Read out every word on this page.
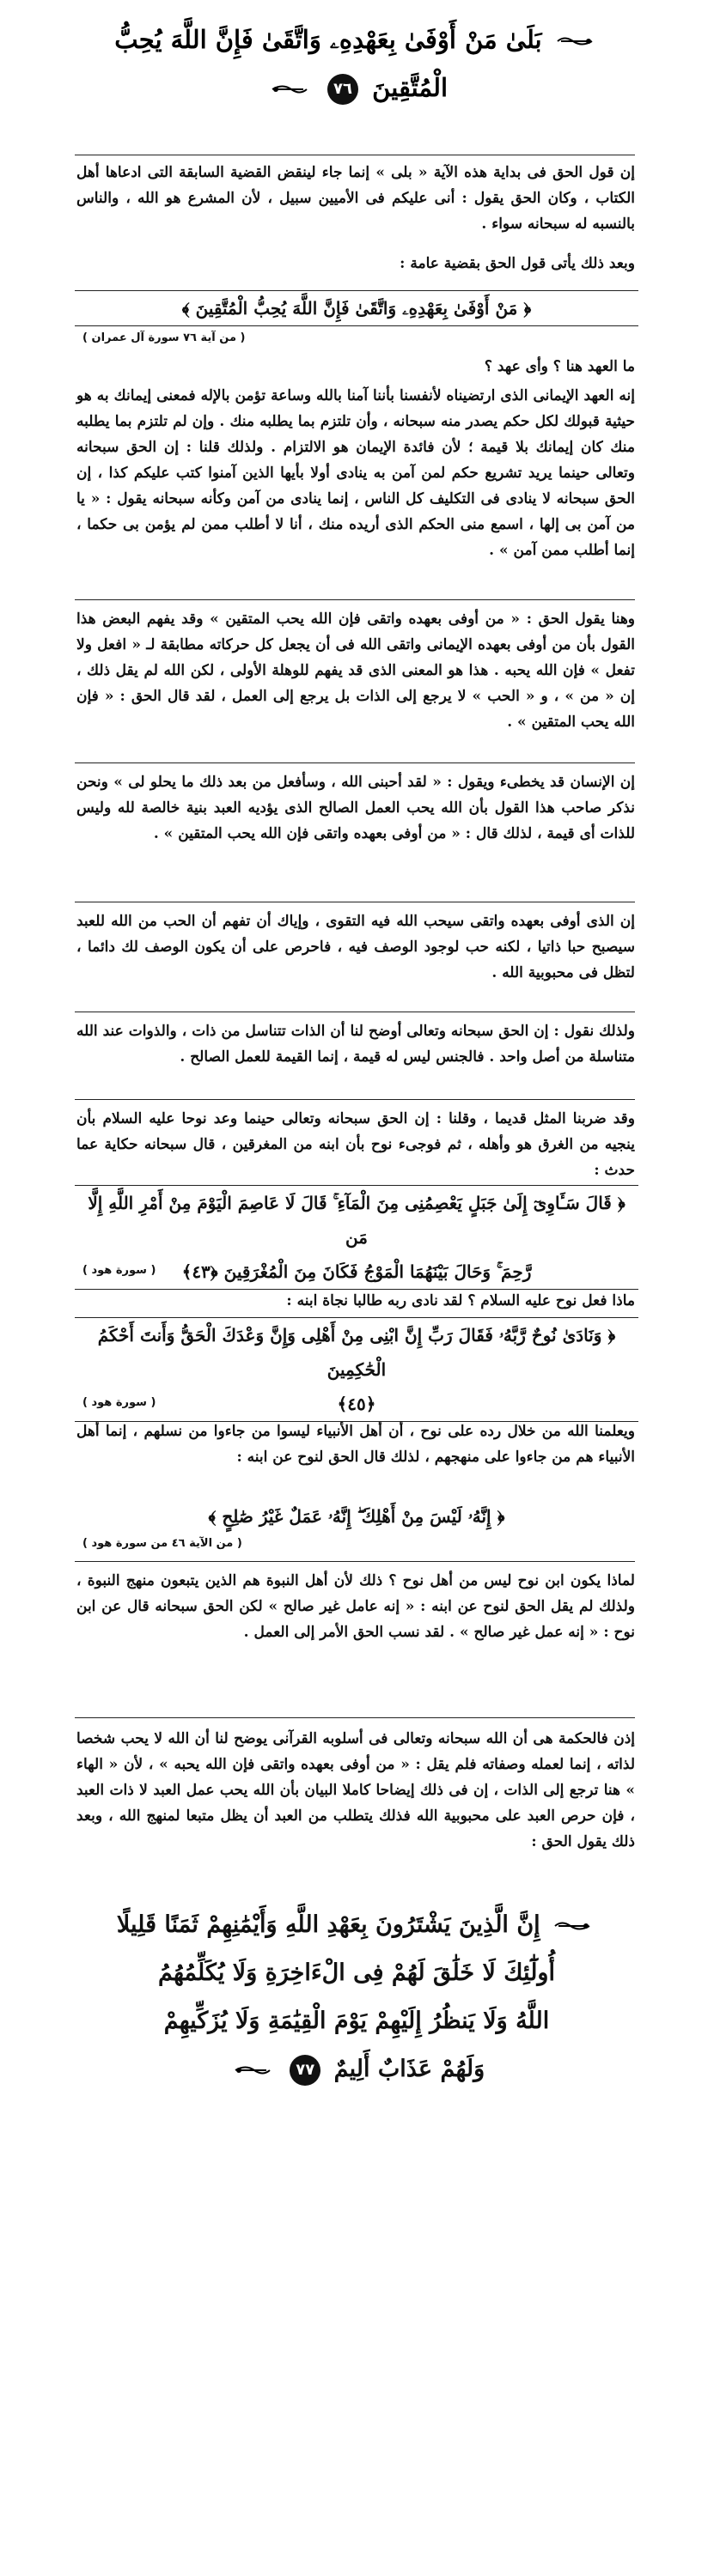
بَلَىٰ مَنْ أَوْفَىٰ بِعَهْدِهِۦ وَاتَّقَىٰ فَإِنَّ اللَّهَ يُحِبُّ
الْمُتَّقِينَ ٧٦
إن قول الحق فى بداية هذه الآية « بلى » إنما جاء لينقض القضية السابقة التى ادعاها أهل الكتاب ، وكان الحق يقول : أنى عليكم فى الأميين سبيل ، لأن المشرع هو الله ، والناس بالنسبه له سبحانه سواء .
وبعد ذلك يأتى قول الحق بقضية عامة :
﴿ مَنْ أَوْفَىٰ بِعَهْدِهِۦ وَاتَّقَىٰ فَإِنَّ اللَّهَ يُحِبُّ الْمُتَّقِينَ ﴾
( من آية ٧٦ سورة آل عمران )
ما العهد هنا ؟ وأى عهد ؟
إنه العهد الإيمانى الذى ارتضيناه لأنفسنا بأننا آمنا بالله وساعة تؤمن بالإله فمعنى إيمانك به هو حيثية قبولك لكل حكم يصدر منه سبحانه ، وأن تلتزم بما يطلبه منك . وإن لم تلتزم بما يطلبه منك كان إيمانك بلا قيمة ؛ لأن فائدة الإيمان هو الالتزام . ولذلك قلنا : إن الحق سبحانه وتعالى حينما يريد تشريع حكم لمن آمن به ينادى أولا بأيها الذين آمنوا كتب عليكم كذا ، إن الحق سبحانه لا ينادى فى التكليف كل الناس ، إنما ينادى من آمن وكأنه سبحانه يقول : « يا من آمن بى إلها ، اسمع منى الحكم الذى أريده منك ، أنا لا أطلب ممن لم يؤمن بى حكما ، إنما أطلب ممن آمن » .
وهنا يقول الحق : « من أوفى بعهده واتقى فإن الله يحب المتقين » وقد يفهم البعض هذا القول بأن من أوفى بعهده الإيمانى واتقى الله فى أن يجعل كل حركاته مطابقة لـ « افعل ولا تفعل » فإن الله يحبه . هذا هو المعنى الذى قد يفهم للوهلة الأولى ، لكن الله لم يقل ذلك ، إن « من » ، و « الحب » لا يرجع إلى الذات بل يرجع إلى العمل ، لقد قال الحق : « فإن الله يحب المتقين » .
إن الإنسان قد يخطىء ويقول : « لقد أحبنى الله ، وسأفعل من بعد ذلك ما يحلو لى » ونحن نذكر صاحب هذا القول بأن الله يحب العمل الصالح الذى يؤديه العبد بنية خالصة لله وليس للذات أى قيمة ، لذلك قال : « من أوفى بعهده واتقى فإن الله يحب المتقين » .
إن الذى أوفى بعهده واتقى سيحب الله فيه التقوى ، وإياك أن تفهم أن الحب من الله للعبد سيصبح حبا ذاتيا ، لكنه حب لوجود الوصف فيه ، فاحرص على أن يكون الوصف لك دائما ، لتظل فى محبوبية الله .
ولذلك نقول : إن الحق سبحانه وتعالى أوضح لنا أن الذات تتناسل من ذات ، والذوات عند الله متناسلة من أصل واحد . فالجنس ليس له قيمة ، إنما القيمة للعمل الصالح .
وقد ضربنا المثل قديما ، وقلنا : إن الحق سبحانه وتعالى حينما وعد نوحا عليه السلام بأن ينجيه من الغرق هو وأهله ، ثم فوجىء نوح بأن ابنه من المغرقين ، قال سبحانه حكاية عما حدث :
﴿ قَالَ سَـَٔاوِىٓ إِلَىٰ جَبَلٍ يَعْصِمُنِى مِنَ الْمَآءِ ۚ قَالَ لَا عَاصِمَ الْيَوْمَ مِنْ أَمْرِ اللَّهِ إِلَّا مَن
رَّحِمَ ۚ وَحَالَ بَيْنَهُمَا الْمَوْجُ فَكَانَ مِنَ الْمُغْرَقِينَ ﴿٤٣﴾
( سورة هود )
ماذا فعل نوح عليه السلام ؟ لقد نادى ربه طالبا نجاة ابنه :
﴿ وَنَادَىٰ نُوحٌ رَّبَّهُۥ فَقَالَ رَبِّ إِنَّ ابْنِى مِنْ أَهْلِى وَإِنَّ وَعْدَكَ الْحَقُّ وَأَنتَ أَحْكَمُ الْحَٰكِمِينَ
﴿٤٥﴾
( سورة هود )
ويعلمنا الله من خلال رده على نوح ، أن أهل الأنبياء ليسوا من جاءوا من نسلهم ، إنما أهل الأنبياء هم من جاءوا على منهجهم ، لذلك قال الحق لنوح عن ابنه :
﴿ إِنَّهُۥ لَيْسَ مِنْ أَهْلِكَ ۖ إِنَّهُۥ عَمَلٌ غَيْرُ صَٰلِحٍ ﴾
( من الآية ٤٦ من سورة هود )
لماذا يكون ابن نوح ليس من أهل نوح ؟ ذلك لأن أهل النبوة هم الذين يتبعون منهج النبوة ، ولذلك لم يقل الحق لنوح عن ابنه : « إنه عامل غير صالح » لكن الحق سبحانه قال عن ابن نوح : « إنه عمل غير صالح » . لقد نسب الحق الأمر إلى العمل .
إذن فالحكمة هى أن الله سبحانه وتعالى فى أسلوبه القرآنى يوضح لنا أن الله لا يحب شخصا لذاته ، إنما لعمله وصفاته فلم يقل : « من أوفى بعهده واتقى فإن الله يحبه » ، لأن « الهاء » هنا ترجع إلى الذات ، إن فى ذلك إيضاحا كاملا البيان بأن الله يحب عمل العبد لا ذات العبد ، فإن حرص العبد على محبوبية الله فذلك يتطلب من العبد أن يظل متبعا لمنهج الله ، وبعد ذلك يقول الحق :
إِنَّ الَّذِينَ يَشْتَرُونَ بِعَهْدِ اللَّهِ وَأَيْمَٰنِهِمْ ثَمَنًا قَلِيلًا
أُولَٰٓئِكَ لَا خَلَٰقَ لَهُمْ فِى الْءَاخِرَةِ وَلَا يُكَلِّمُهُمُ
اللَّهُ وَلَا يَنظُرُ إِلَيْهِمْ يَوْمَ الْقِيَٰمَةِ وَلَا يُزَكِّيهِمْ
وَلَهُمْ عَذَابٌ أَلِيمٌ ٧٧
